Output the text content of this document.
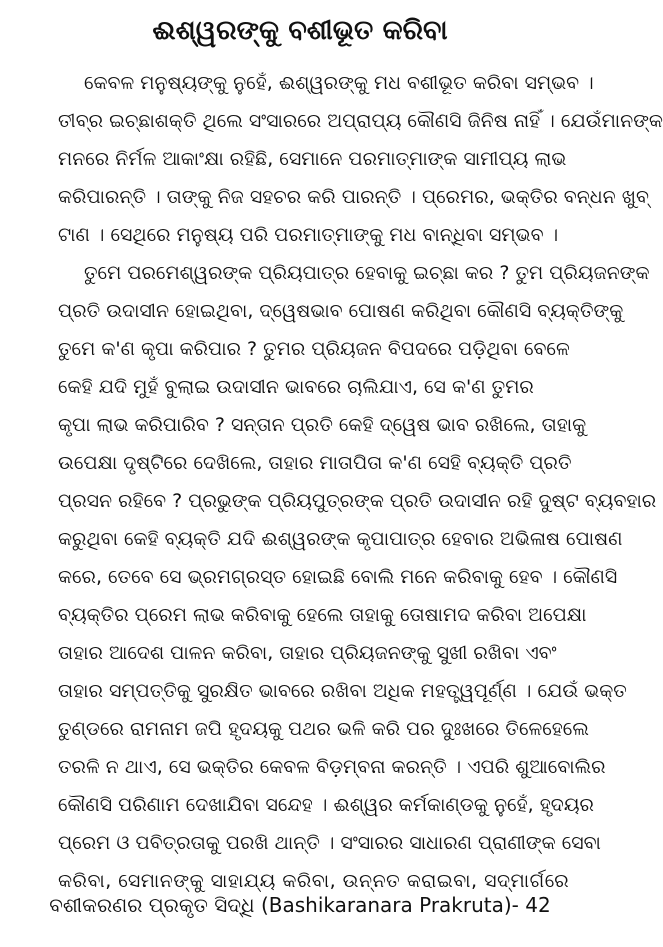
ଈଶ୍ୱରଙ୍କୁ ବଶୀଭୂତ କରିବା
କେବଳ ମନୁଷ୍ୟଙ୍କୁ ନୁହେଁ, ଈଶ୍ୱରଙ୍କୁ ମଧ ବଶୀଭୂତ କରିବା ସମ୍ଭବ ।
ତୀବ୍ର ଇଚ୍ଛାଶକ୍ତି ଥିଲେ ସଂସାରରେ ଅପ୍ରାପ୍ୟ କୌଣସି ଜିନିଷ ନାହିଁ । ଯେଉଁମାନଙ୍କ
ମନରେ ନିର୍ମଳ ଆକାଂକ୍ଷା ରହିଛି, ସେମାନେ ପରମାତ୍ମାଙ୍କ ସାମୀପ୍ୟ ଲାଭ
କରିପାରନ୍ତି । ତାଙ୍କୁ ନିଜ ସହଚର କରି ପାରନ୍ତି । ପ୍ରେମର, ଭକ୍ତିର ବନ୍ଧନ ଖୁବ୍
ଟାଣ । ସେଥିରେ ମନୁଷ୍ୟ ପରି ପରମାତ୍ମାଙ୍କୁ ମଧ ବାନ୍ଧିବା ସମ୍ଭବ ।
ତୁମେ ପରମେଶ୍ୱରଙ୍କ ପ୍ରିୟପାତ୍ର ହେବାକୁ ଇଚ୍ଛା କର ? ତୁମ ପ୍ରିୟଜନଙ୍କ
ପ୍ରତି ଉଦାସୀନ ହୋଇଥିବା, ଦ୍ୱେଷଭାବ ପୋଷଣ କରିଥିବା କୌଣସି ବ୍ୟକ୍ତିଙ୍କୁ
ତୁମେ କ'ଣ କୃପା କରିପାର ? ତୁମର ପ୍ରିୟଜନ ବିପଦରେ ପଡ଼ିଥିବା ବେଳେ
କେହି ଯଦି ମୁହଁ ବୁଲାଇ ଉଦାସୀନ ଭାବରେ ଚାଲିଯାଏ, ସେ କ'ଣ ତୁମର
କୃପା ଲାଭ କରିପାରିବ ? ସନ୍ତାନ ପ୍ରତି କେହି ଦ୍ୱେଷ ଭାବ ରଖିଲେ, ତାହାକୁ
ଉପେକ୍ଷା ଦୃଷ୍ଟିରେ ଦେଖିଲେ, ତାହାର ମାତାପିତା କ'ଣ ସେହି ବ୍ୟକ୍ତି ପ୍ରତି
ପ୍ରସନ ରହିବେ ? ପ୍ରଭୁଙ୍କ ପ୍ରିୟପୁତ୍ରଙ୍କ ପ୍ରତି ଉଦାସୀନ ରହି ଦୁଷ୍ଟ ବ୍ୟବହାର
କରୁଥିବା କେହି ବ୍ୟକ୍ତି ଯଦି ଈଶ୍ୱରଙ୍କ କୃପାପାତ୍ର ହେବାର ଅଭିଳାଷ ପୋଷଣ
କରେ, ତେବେ ସେ ଭ୍ରମଗ୍ରସ୍ତ ହୋଇଛି ବୋଲି ମନେ କରିବାକୁ ହେବ । କୌଣସି
ବ୍ୟକ୍ତିର ପ୍ରେମ ଲାଭ କରିବାକୁ ହେଲେ ତାହାକୁ ତୋଷାମଦ କରିବା ଅପେକ୍ଷା
ତାହାର ଆଦେଶ ପାଳନ କରିବା, ତାହାର ପ୍ରିୟଜନଙ୍କୁ ସୁଖୀ ରଖିବା ଏବଂ
ତାହାର ସମ୍ପତ୍ତିକୁ ସୁରକ୍ଷିତ ଭାବରେ ରଖିବା ଅଧିକ ମହତ୍ତ୍ୱପୂର୍ଣ୍ଣ । ଯେଉଁ ଭକ୍ତ
ତୁଣ୍ଡରେ ରାମନାମ ଜପି ହୃଦୟକୁ ପଥର ଭଳି କରି ପର ଦୁଃଖରେ ତିଳେହେଲେ
ତରଳି ନ ଥାଏ, ସେ ଭକ୍ତିର କେବଳ ବିଡ଼ମ୍ବନା କରନ୍ତି । ଏପରି ଶୁଆବୋଲିର
କୌଣସି ପରିଣାମ ଦେଖାଯିବା ସନ୍ଦେହ । ଈଶ୍ୱର କର୍ମକାଣ୍ଡକୁ ନୁହେଁ, ହୃଦୟର
ପ୍ରେମ ଓ ପବିତ୍ରତାକୁ ପରଖି ଥାନ୍ତି । ସଂସାରର ସାଧାରଣ ପ୍ରାଣୀଙ୍କ ସେବା
କରିବା, ସେମାନଙ୍କୁ ସାହାଯ୍ୟ କରିବା, ଉନ୍ନତ କରାଇବା, ସଦ୍‌ମାର୍ଗରେ
ବଶୀକରଣର ପ୍ରକୃତ ସିଦ୍ଧି (Bashikaranara Prakruta)- 42
